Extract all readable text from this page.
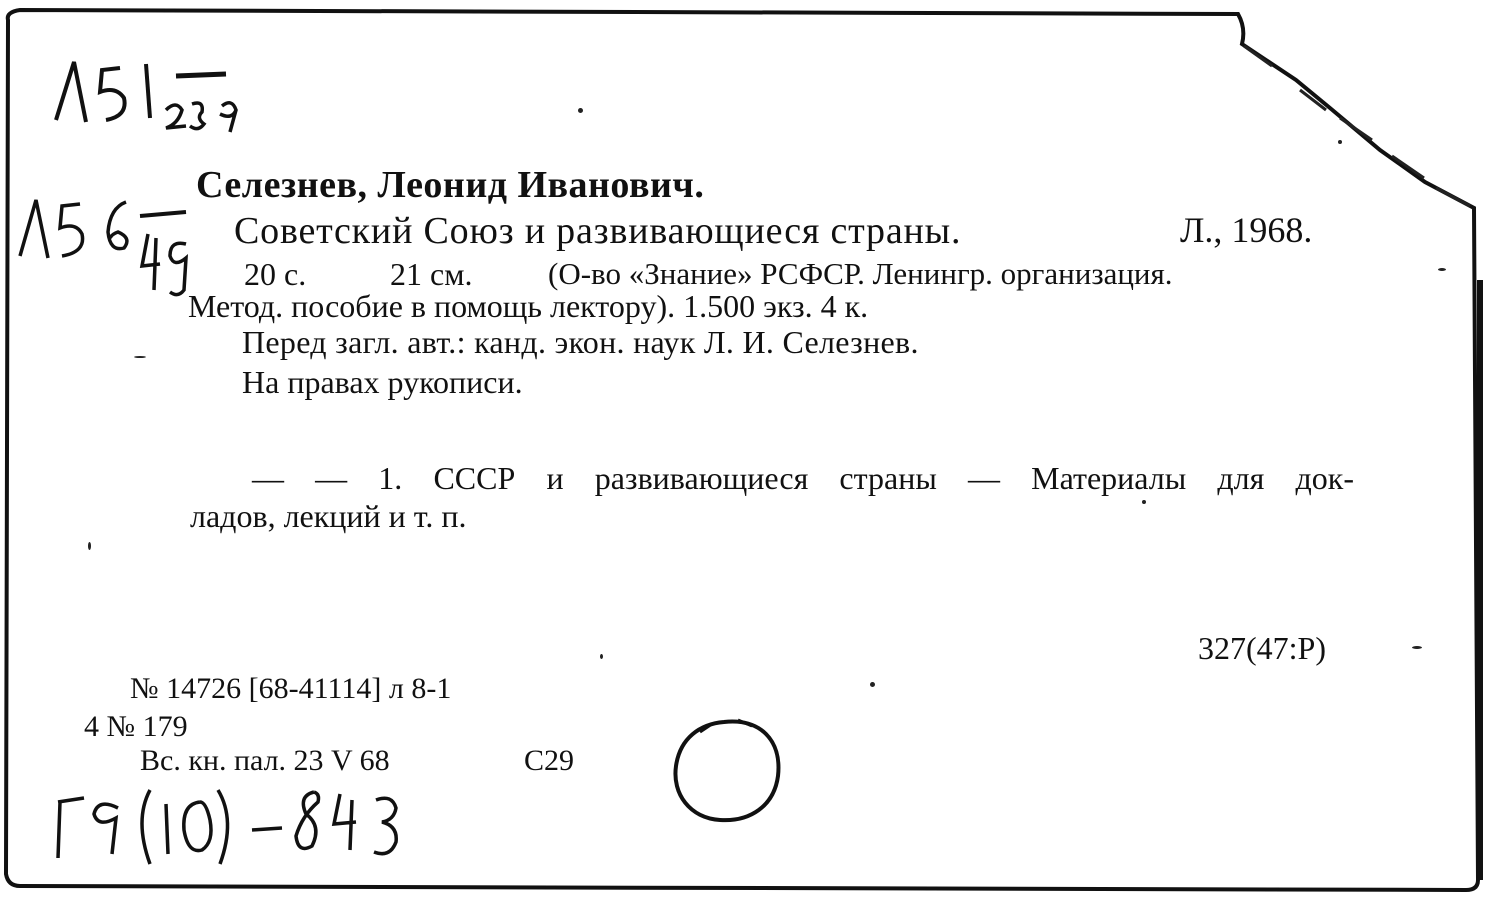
Селезнев, Леонид Иванович.
Советский Союз и развивающиеся страны.	Л., 1968.
20 с.	21 см. (О-во «Знание» РСФСР. Ленингр. организация.
Метод. пособие в помощь лектору). 1.500 экз. 4 к.
Перед загл. авт.: канд. экон. наук Л. И. Селезнев.
На правах рукописи.
— — 1. СССР и развивающиеся страны — Материалы для док-
ладов, лекций и т. п.
327(47:Р)
№ 14726 [68-41114] л 8-1
4 № 179
Вс. кн. пал. 23 V 68	С29
